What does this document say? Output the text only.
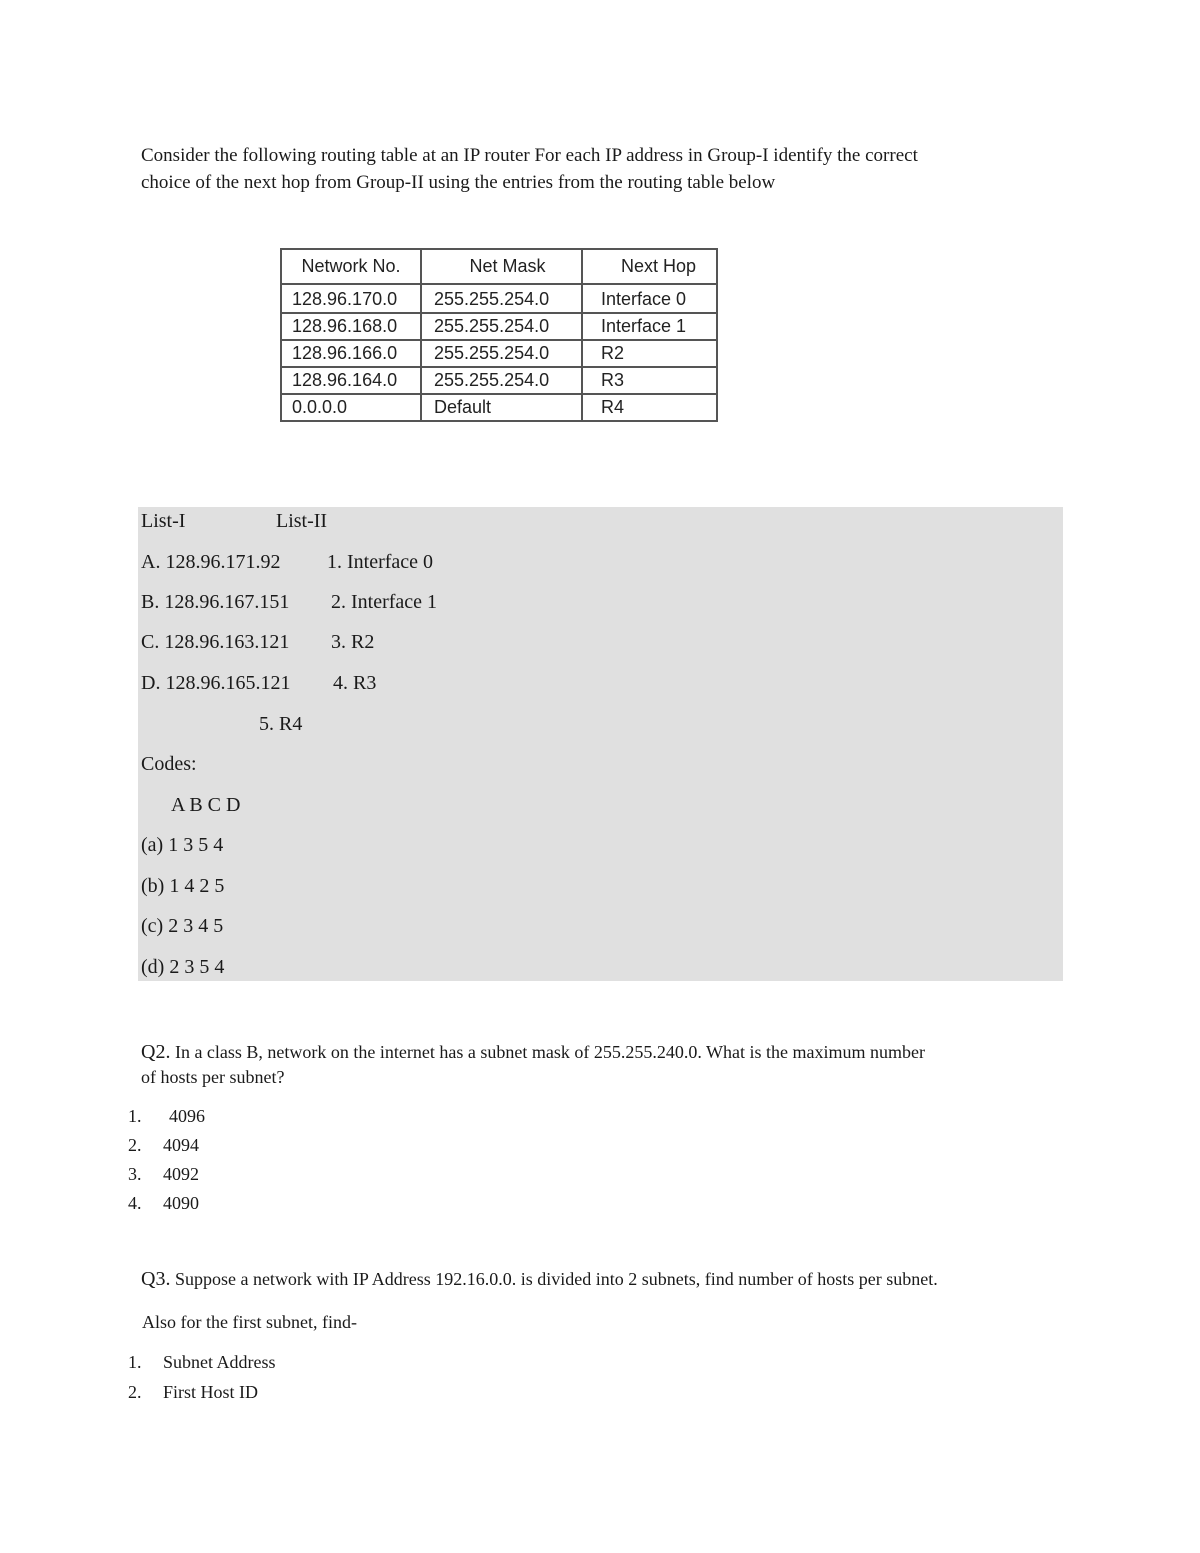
Consider the following routing table at an IP router For each IP address in Group-I identify the correct
choice of the next hop from Group-II using the entries from the routing table below

Network No.	Net Mask	Next Hop
128.96.170.0	255.255.254.0	Interface 0
128.96.168.0	255.255.254.0	Interface 1
128.96.166.0	255.255.254.0	R2
128.96.164.0	255.255.254.0	R3
0.0.0.0	Default	R4
List-I	List-II
A. 128.96.171.92 1. Interface 0
B. 128.96.167.151 2. Interface 1
C. 128.96.163.121 3. R2
D. 128.96.165.121 4. R3
5. R4
Codes:
A B C D
(a) 1 3 5 4
(b) 1 4 2 5
(c) 2 3 4 5
(d) 2 3 5 4

Q2. In a class B, network on the internet has a subnet mask of 255.255.240.0. What is the maximum number
of hosts per subnet?

1. 4096
2. 4094
3. 4092
4. 4090

Q3. Suppose a network with IP Address 192.16.0.0. is divided into 2 subnets, find number of hosts per subnet.

Also for the first subnet, find-
1. Subnet Address
2. First Host ID
